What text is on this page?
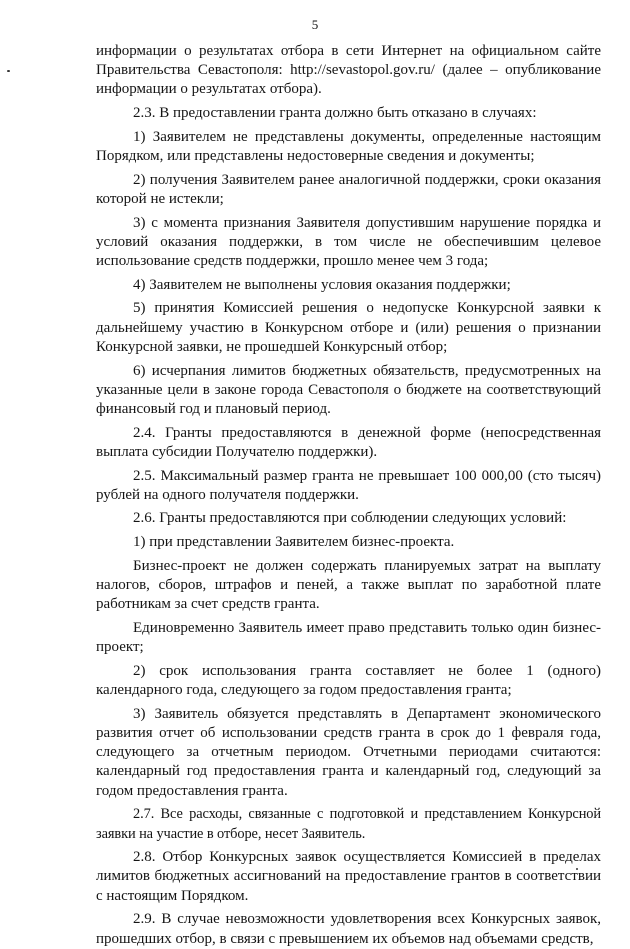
5

информации о результатах отбора в сети Интернет на официальном сайте Правительства Севастополя: http://sevastopol.gov.ru/ (далее – опубликование информации о результатах отбора).

2.3. В предоставлении гранта должно быть отказано в случаях:

1) Заявителем не представлены документы, определенные настоящим Порядком, или представлены недостоверные сведения и документы;

2) получения Заявителем ранее аналогичной поддержки, сроки оказания которой не истекли;

3) с момента признания Заявителя допустившим нарушение порядка и условий оказания поддержки, в том числе не обеспечившим целевое использование средств поддержки, прошло менее чем 3 года;

4) Заявителем не выполнены условия оказания поддержки;

5) принятия Комиссией решения о недопуске Конкурсной заявки к дальнейшему участию в Конкурсном отборе и (или) решения о признании Конкурсной заявки, не прошедшей Конкурсный отбор;

6) исчерпания лимитов бюджетных обязательств, предусмотренных на указанные цели в законе города Севастополя о бюджете на соответствующий финансовый год и плановый период.

2.4. Гранты предоставляются в денежной форме (непосредственная выплата субсидии Получателю поддержки).

2.5. Максимальный размер гранта не превышает 100 000,00 (сто тысяч) рублей на одного получателя поддержки.

2.6. Гранты предоставляются при соблюдении следующих условий:

1) при представлении Заявителем бизнес-проекта.

Бизнес-проект не должен содержать планируемых затрат на выплату налогов, сборов, штрафов и пеней, а также выплат по заработной плате работникам за счет средств гранта.

Единовременно Заявитель имеет право представить только один бизнес-проект;

2) срок использования гранта составляет не более 1 (одного) календарного года, следующего за годом предоставления гранта;

3) Заявитель обязуется представлять в Департамент экономического развития отчет об использовании средств гранта в срок до 1 февраля года, следующего за отчетным периодом. Отчетными периодами считаются: календарный год предоставления гранта и календарный год, следующий за годом предоставления гранта.

2.7. Все расходы, связанные с подготовкой и представлением Конкурсной заявки на участие в отборе, несет Заявитель.

2.8. Отбор Конкурсных заявок осуществляется Комиссией в пределах лимитов бюджетных ассигнований на предоставление грантов в соответствии с настоящим Порядком.

2.9. В случае невозможности удовлетворения всех Конкурсных заявок, прошедших отбор, в связи с превышением их объемов над объемами средств,
